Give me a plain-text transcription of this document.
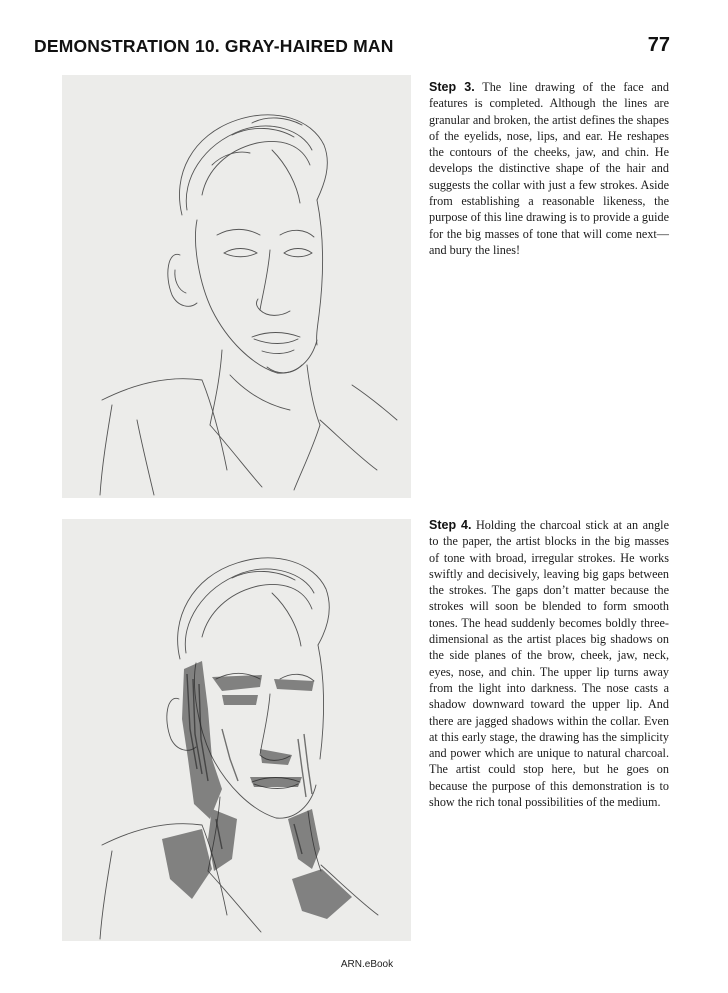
DEMONSTRATION 10. GRAY-HAIRED MAN	77
Step 3. The line drawing of the face and features is completed. Although the lines are granular and broken, the artist defines the shapes of the eyelids, nose, lips, and ear. He reshapes the contours of the cheeks, jaw, and chin. He develops the distinctive shape of the hair and suggests the collar with just a few strokes. Aside from establishing a reasonable likeness, the purpose of this line drawing is to provide a guide for the big masses of tone that will come next—and bury the lines!
Step 4. Holding the charcoal stick at an angle to the paper, the artist blocks in the big masses of tone with broad, irregular strokes. He works swiftly and decisively, leaving big gaps between the strokes. The gaps don’t matter because the strokes will soon be blended to form smooth tones. The head suddenly becomes boldly three-dimensional as the artist places big shadows on the side planes of the brow, cheek, jaw, neck, eyes, nose, and chin. The upper lip turns away from the light into darkness. The nose casts a shadow downward toward the upper lip. And there are jagged shadows within the collar. Even at this early stage, the drawing has the simplicity and power which are unique to natural charcoal. The artist could stop here, but he goes on because the purpose of this demonstration is to show the rich tonal possibilities of the medium.
ARN.eBook
